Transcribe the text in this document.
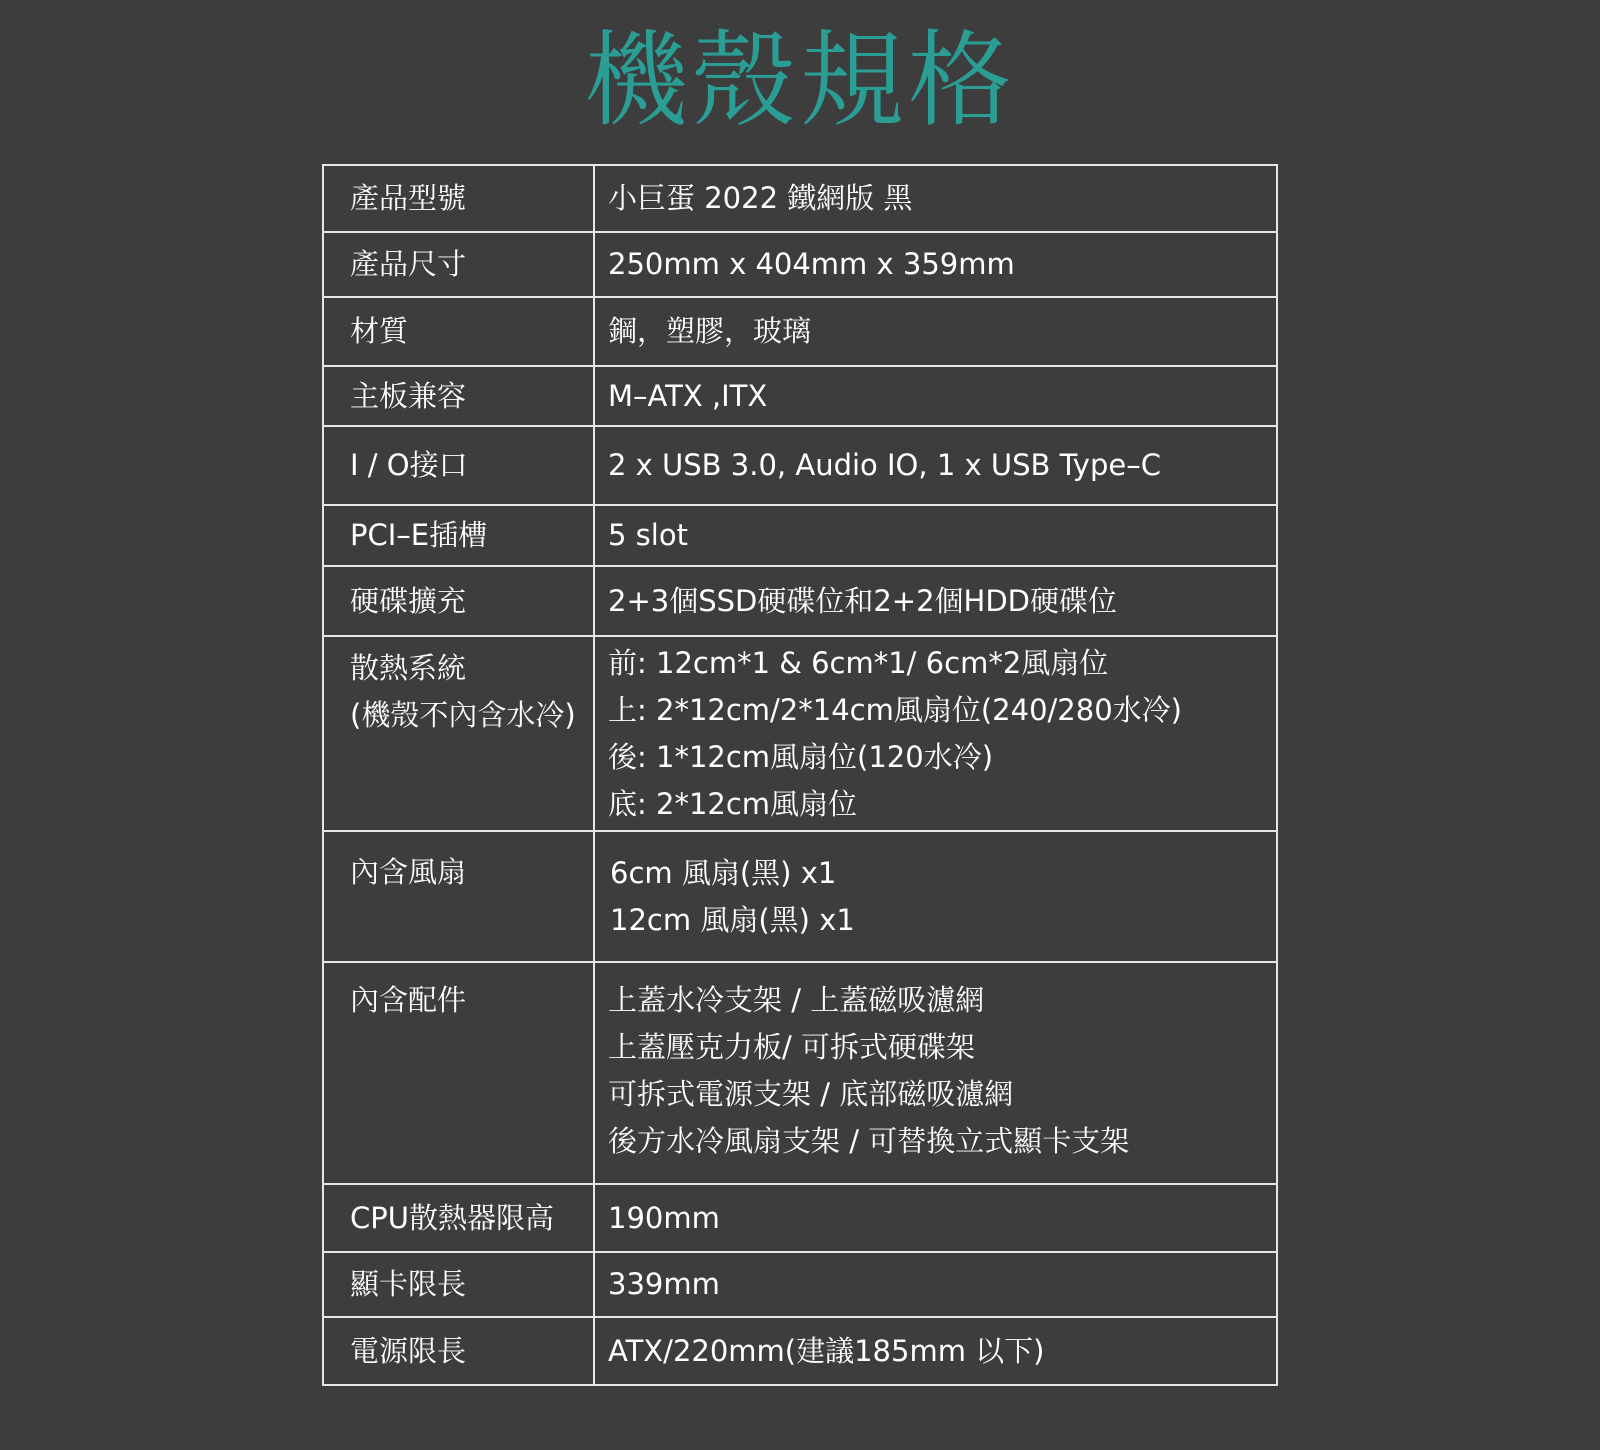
機殼規格
產品型號	小巨蛋 2022 鐵網版 黑
產品尺寸	250mm x 404mm x 359mm
材質	鋼，塑膠，玻璃
主板兼容	M–ATX ,ITX
I / O接口	2 x USB 3.0, Audio IO, 1 x USB Type–C
PCI–E插槽	5 slot
硬碟擴充	2+3個SSD硬碟位和2+2個HDD硬碟位

散熱系統
(機殼不內含水冷)	前: 12cm*1 & 6cm*1/ 6cm*2風扇位
上: 2*12cm/2*14cm風扇位(240/280水冷)
後: 1*12cm風扇位(120水冷)
底: 2*12cm風扇位

內含風扇	6cm 風扇(黑) x1
12cm 風扇(黑) x1

內含配件	上蓋水冷支架 / 上蓋磁吸濾網
上蓋壓克力板/ 可拆式硬碟架
可拆式電源支架 / 底部磁吸濾網
後方水冷風扇支架 / 可替換立式顯卡支架

CPU散熱器限高	190mm
顯卡限長	339mm
電源限長	ATX/220mm(建議185mm 以下)
